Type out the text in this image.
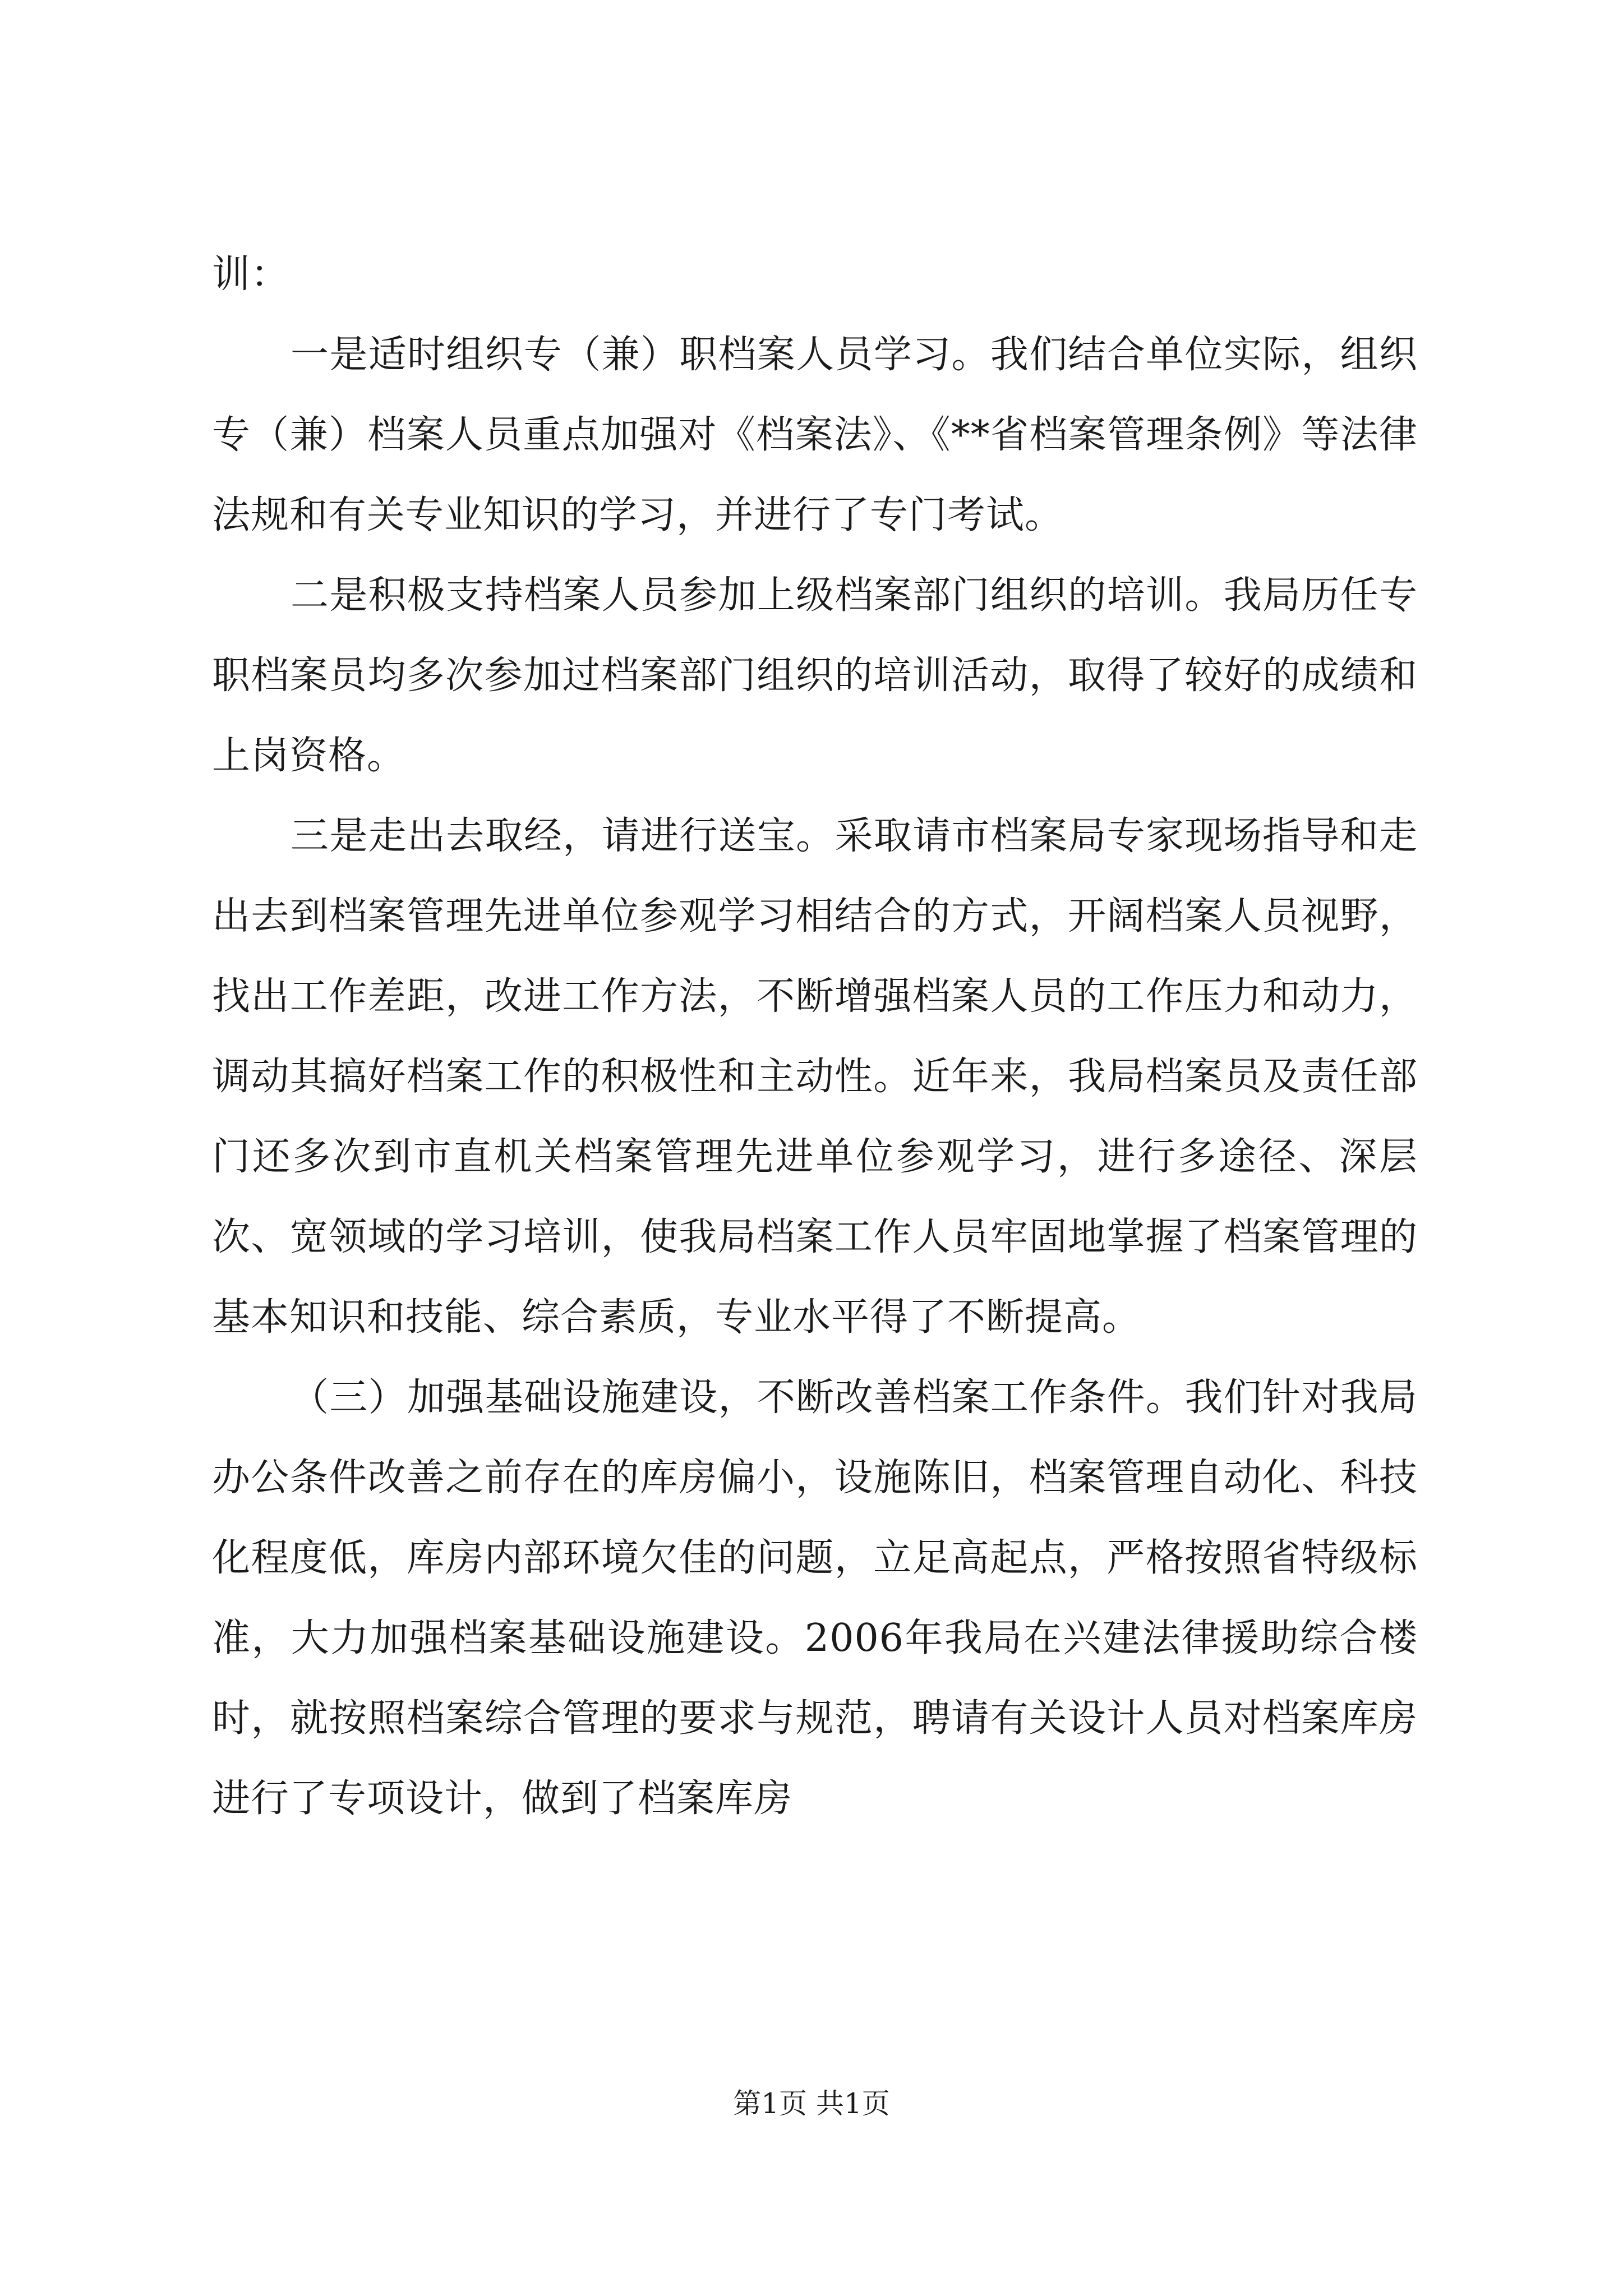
训：

一是适时组织专（兼）职档案人员学习。我们结合单位实际，组织专（兼）档案人员重点加强对《档案法》、《**省档案管理条例》等法律法规和有关专业知识的学习，并进行了专门考试。

二是积极支持档案人员参加上级档案部门组织的培训。我局历任专职档案员均多次参加过档案部门组织的培训活动，取得了较好的成绩和上岗资格。

三是走出去取经，请进行送宝。采取请市档案局专家现场指导和走出去到档案管理先进单位参观学习相结合的方式，开阔档案人员视野，找出工作差距，改进工作方法，不断增强档案人员的工作压力和动力，调动其搞好档案工作的积极性和主动性。近年来，我局档案员及责任部门还多次到市直机关档案管理先进单位参观学习，进行多途径、深层次、宽领域的学习培训，使我局档案工作人员牢固地掌握了档案管理的基本知识和技能、综合素质，专业水平得了不断提高。

（三）加强基础设施建设，不断改善档案工作条件。我们针对我局办公条件改善之前存在的库房偏小，设施陈旧，档案管理自动化、科技化程度低，库房内部环境欠佳的问题，立足高起点，严格按照省特级标准，大力加强档案基础设施建设。2006年我局在兴建法律援助综合楼时，就按照档案综合管理的要求与规范，聘请有关设计人员对档案库房进行了专项设计，做到了档案库房

第1页 共1页
